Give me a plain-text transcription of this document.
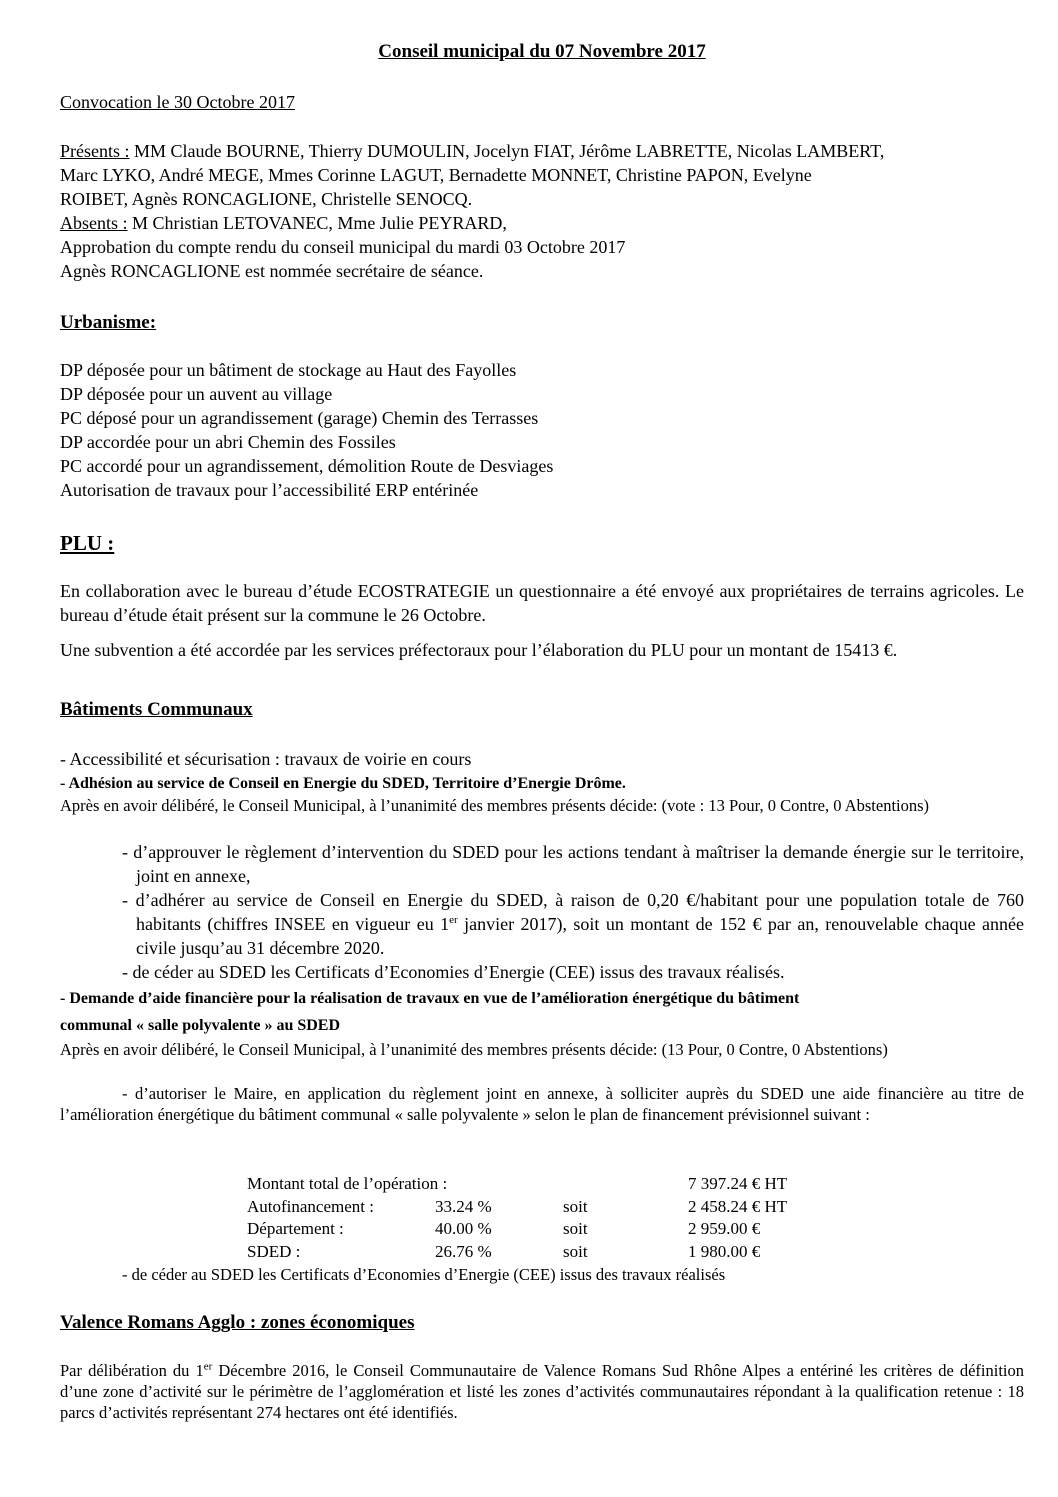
Conseil municipal du 07 Novembre 2017
Convocation le 30 Octobre 2017
Présents : MM Claude BOURNE, Thierry DUMOULIN, Jocelyn FIAT, Jérôme LABRETTE, Nicolas LAMBERT,
Marc LYKO, André MEGE, Mmes Corinne LAGUT, Bernadette MONNET, Christine PAPON, Evelyne
ROIBET, Agnès RONCAGLIONE, Christelle SENOCQ.
Absents : M Christian LETOVANEC, Mme Julie PEYRARD,
Approbation du compte rendu du conseil municipal du mardi 03 Octobre 2017
Agnès RONCAGLIONE est nommée secrétaire de séance.
Urbanisme:
DP déposée pour un bâtiment de stockage au Haut des Fayolles
DP déposée pour un auvent au village
PC déposé pour un agrandissement (garage) Chemin des Terrasses
DP accordée pour un abri Chemin des Fossiles
PC accordé pour un agrandissement, démolition Route de Desviages
Autorisation de travaux pour l’accessibilité ERP entérinée
PLU :
En collaboration avec le bureau d’étude ECOSTRATEGIE un questionnaire a été envoyé aux propriétaires de terrains agricoles. Le bureau d’étude était présent sur la commune le 26 Octobre.
Une subvention a été accordée par les services préfectoraux pour l’élaboration du PLU pour un montant de 15413 €.
Bâtiments Communaux
- Accessibilité et sécurisation : travaux de voirie en cours
- Adhésion au service de Conseil en Energie du SDED, Territoire d’Energie Drôme.
Après en avoir délibéré, le Conseil Municipal, à l’unanimité des membres présents décide: (vote : 13 Pour, 0 Contre, 0 Abstentions)
- d’approuver le règlement d’intervention du SDED pour les actions tendant à maîtriser la demande énergie sur le territoire, joint en annexe,
- d’adhérer au service de Conseil en Energie du SDED, à raison de 0,20 €/habitant pour une population totale de 760 habitants (chiffres INSEE en vigueur eu 1er janvier 2017), soit un montant de 152 € par an, renouvelable chaque année civile jusqu’au 31 décembre 2020.
- de céder au SDED les Certificats d’Economies d’Energie (CEE) issus des travaux réalisés.
- Demande d’aide financière pour la réalisation de travaux en vue de l’amélioration énergétique du bâtiment
communal « salle polyvalente » au SDED
Après en avoir délibéré, le Conseil Municipal, à l’unanimité des membres présents décide: (13 Pour, 0 Contre, 0 Abstentions)
- d’autoriser le Maire, en application du règlement joint en annexe, à solliciter auprès du SDED une aide financière au titre de l’amélioration énergétique du bâtiment communal « salle polyvalente » selon le plan de financement prévisionnel suivant :
- de céder au SDED les Certificats d’Economies d’Energie (CEE) issus des travaux réalisés
Valence Romans Agglo : zones économiques
Par délibération du 1er Décembre 2016, le Conseil Communautaire de Valence Romans Sud Rhône Alpes a entériné les critères de définition d’une zone d’activité sur le périmètre de l’agglomération et listé les zones d’activités communautaires répondant à la qualification retenue : 18 parcs d’activités représentant 274 hectares ont été identifiés.
Montant total de l’opération :	7 397.24 € HT
Autofinancement :	33.24 %	soit	2 458.24 € HT
Département :	40.00 %	soit	2 959.00 €
SDED :	26.76 %	soit	1 980.00 €
